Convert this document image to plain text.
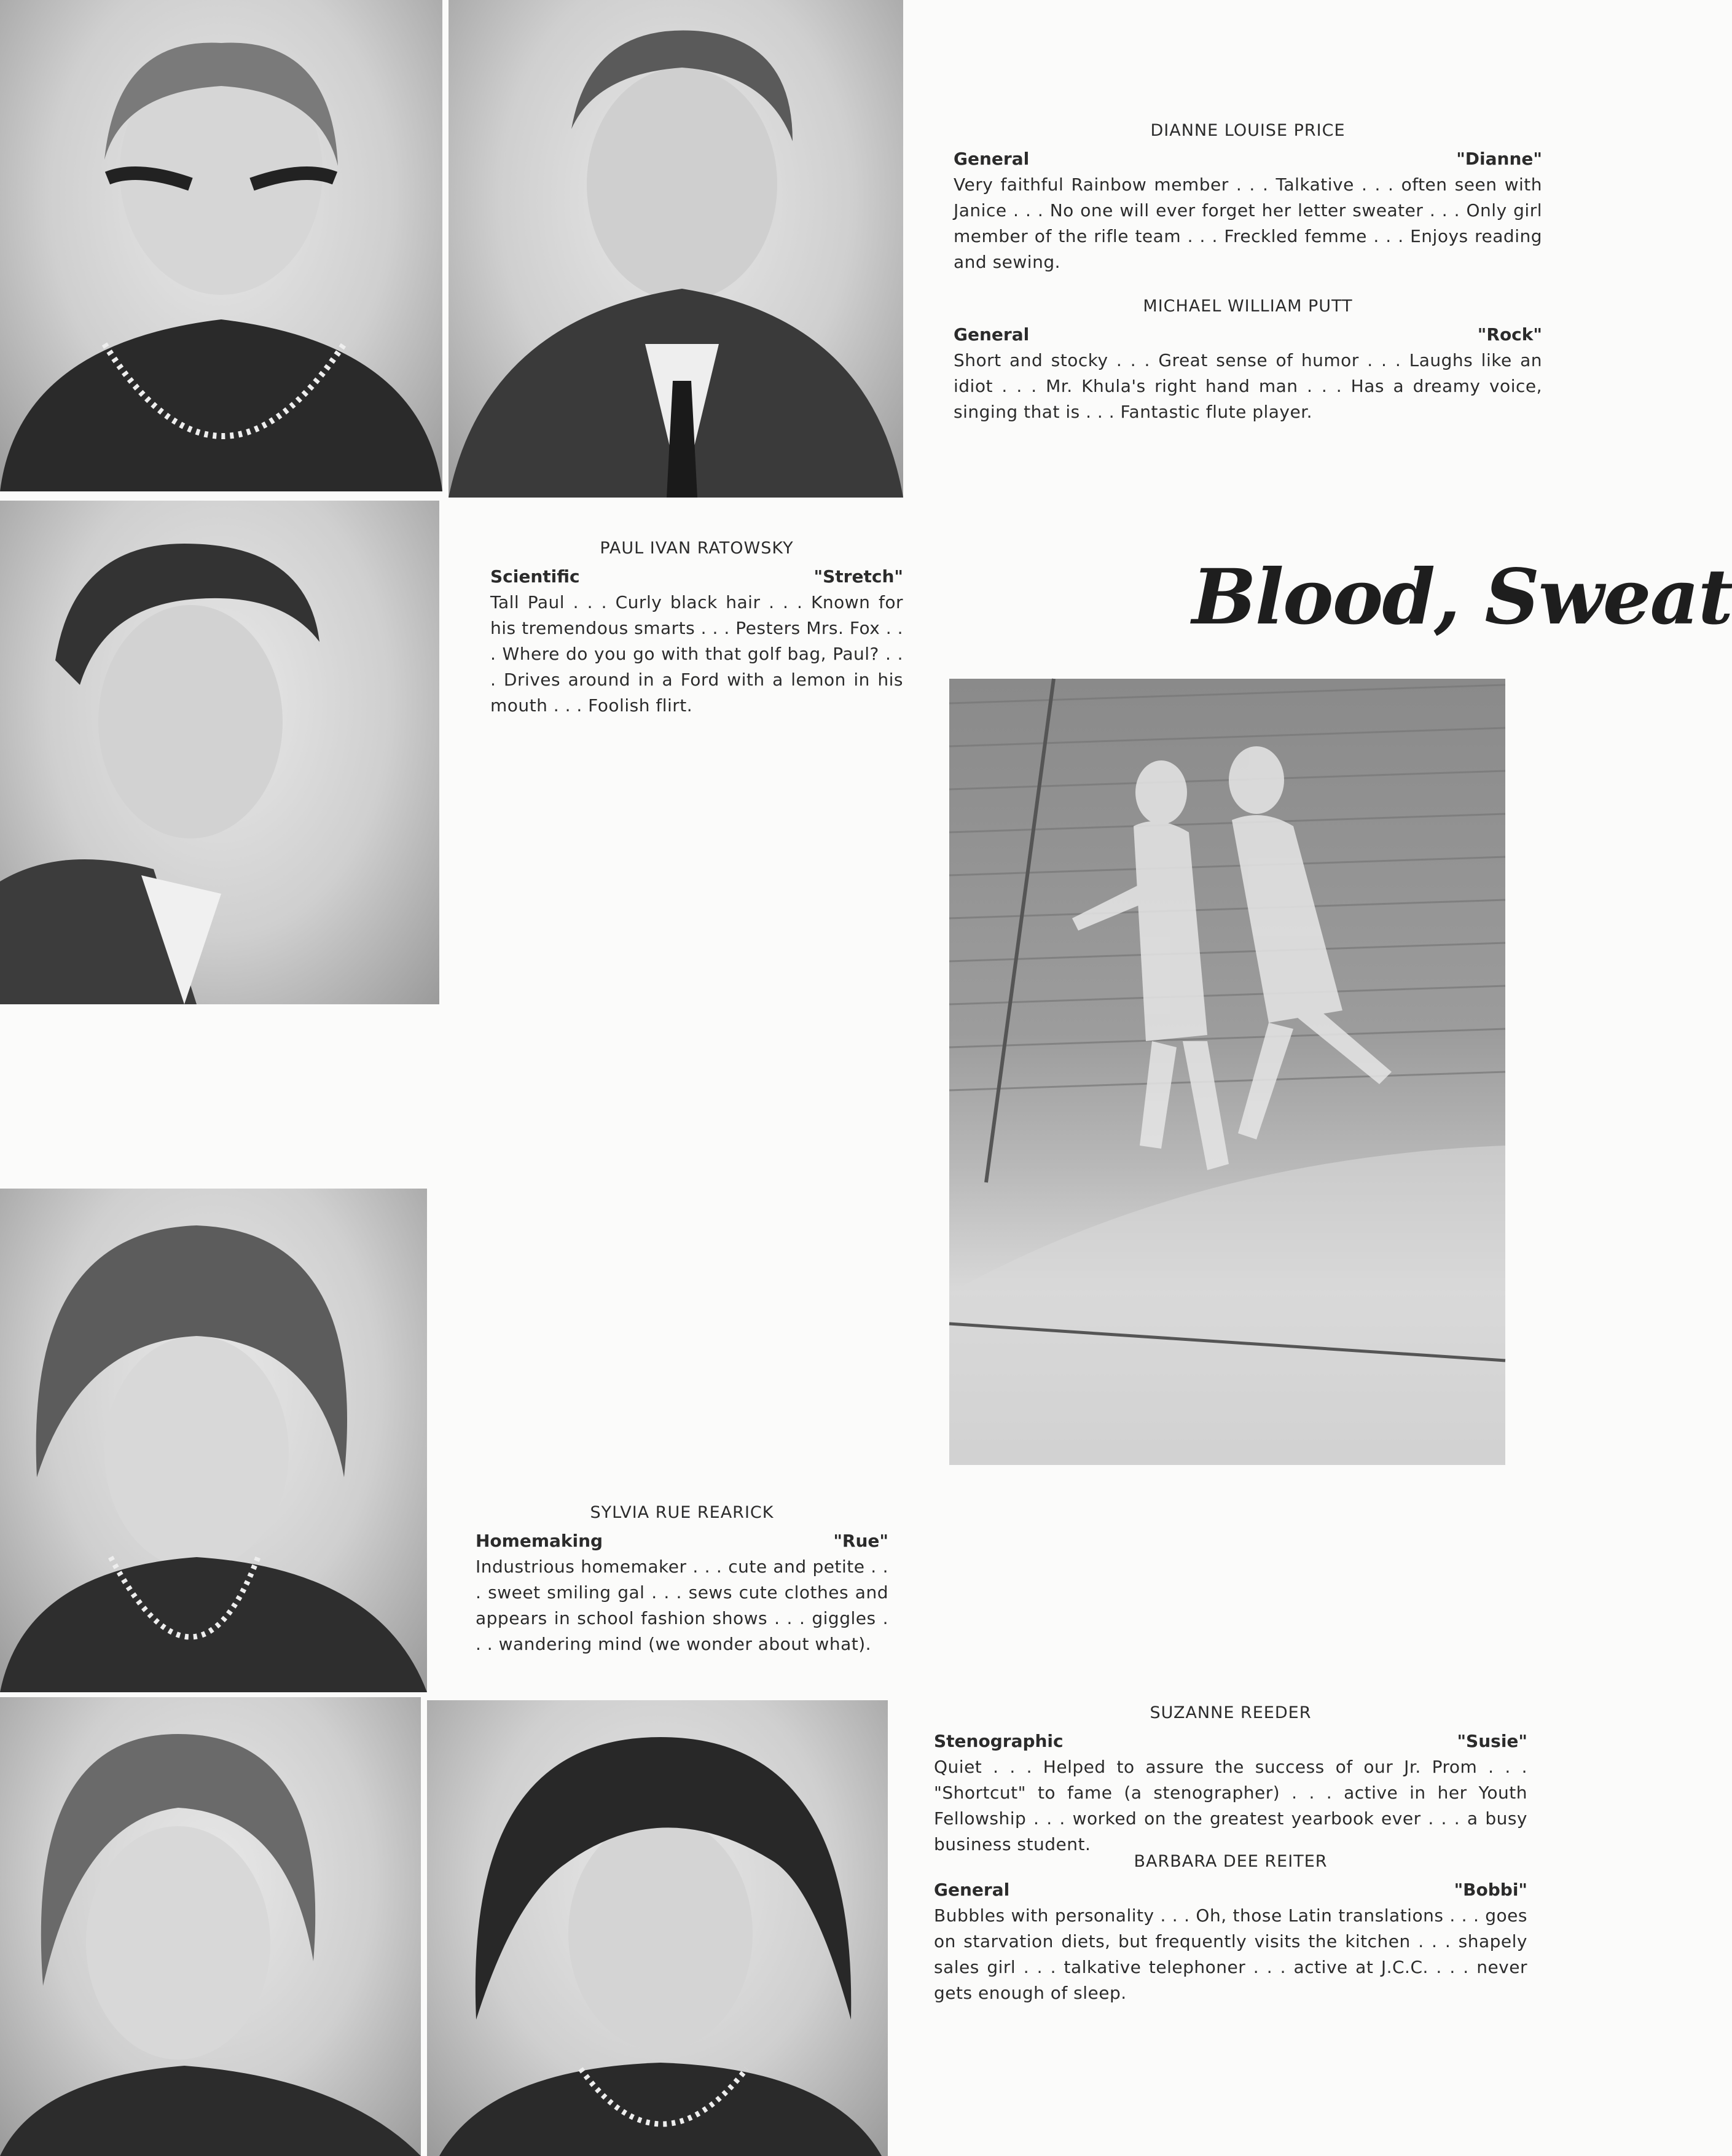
DIANNE LOUISE PRICE
General	"Dianne"
Very faithful Rainbow member . . . Talkative . . . often seen with Janice . . . No one will ever forget her letter sweater . . . Only girl member of the rifle team . . . Freckled femme . . . Enjoys reading and sewing.
MICHAEL WILLIAM PUTT
General	"Rock"
Short and stocky . . . Great sense of humor . . . Laughs like an idiot . . . Mr. Khula's right hand man . . . Has a dreamy voice, singing that is . . . Fantastic flute player.
PAUL IVAN RATOWSKY
Scientific	"Stretch"
Tall Paul . . . Curly black hair . . . Known for his tremendous smarts . . . Pesters Mrs. Fox . . . Where do you go with that golf bag, Paul? . . . Drives around in a Ford with a lemon in his mouth . . . Foolish flirt.
SYLVIA RUE REARICK
Homemaking	"Rue"
Industrious homemaker . . . cute and petite . . . sweet smiling gal . . . sews cute clothes and appears in school fashion shows . . . giggles . . . wandering mind (we wonder about what).
SUZANNE REEDER
Stenographic	"Susie"
Quiet . . . Helped to assure the success of our Jr. Prom . . . "Shortcut" to fame (a stenographer) . . . active in her Youth Fellowship . . . worked on the greatest yearbook ever . . . a busy business student.
BARBARA DEE REITER
General	"Bobbi"
Bubbles with personality . . . Oh, those Latin translations . . . goes on starvation diets, but frequently visits the kitchen . . . shapely sales girl . . . talkative telephoner . . . active at J.C.C. . . . never gets enough of sleep.
Blood, Sweat
